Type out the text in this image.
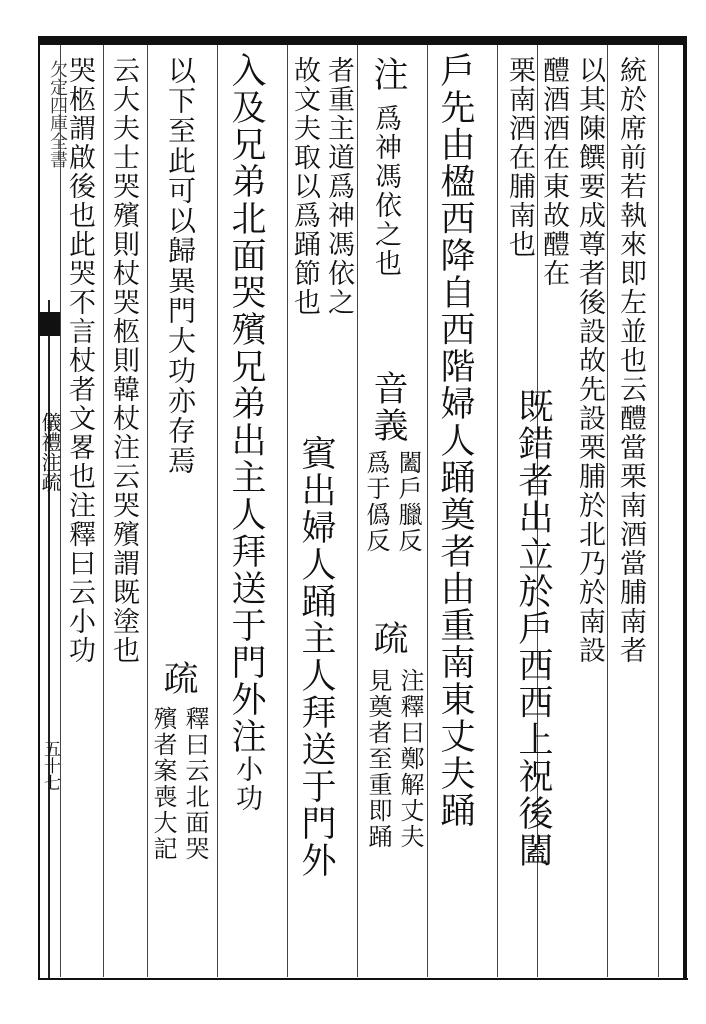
欠定四庫全書
儀禮注疏
五十七
統於席前若執來即左並也云醴當栗南酒當脯南者
以其陳饌要成尊者後設故先設栗脯於北乃於南設
醴酒酒在東故醴在
栗南酒在脯南也
既錯者出立於戶西西上祝後闔
戶先由楹西降自西階婦人踊奠者由重南東丈夫踊
注
爲神馮依之也
音義
闔戶臘反
爲于僞反
疏
注釋曰鄭解丈夫
見奠者至重即踊
者重主道爲神馮依之
故文夫取以爲踊節也
賓出婦人踊主人拜送于門外
入及兄弟北面哭殯兄弟出主人拜送于門外注小功
以下至此可以歸異門大功亦存焉
疏
釋曰云北面哭
殯者案喪大記
云大夫士哭殯則杖哭柩則韓杖注云哭殯謂既塗也
哭柩謂啟後也此哭不言杖者文畧也注釋曰云小功
